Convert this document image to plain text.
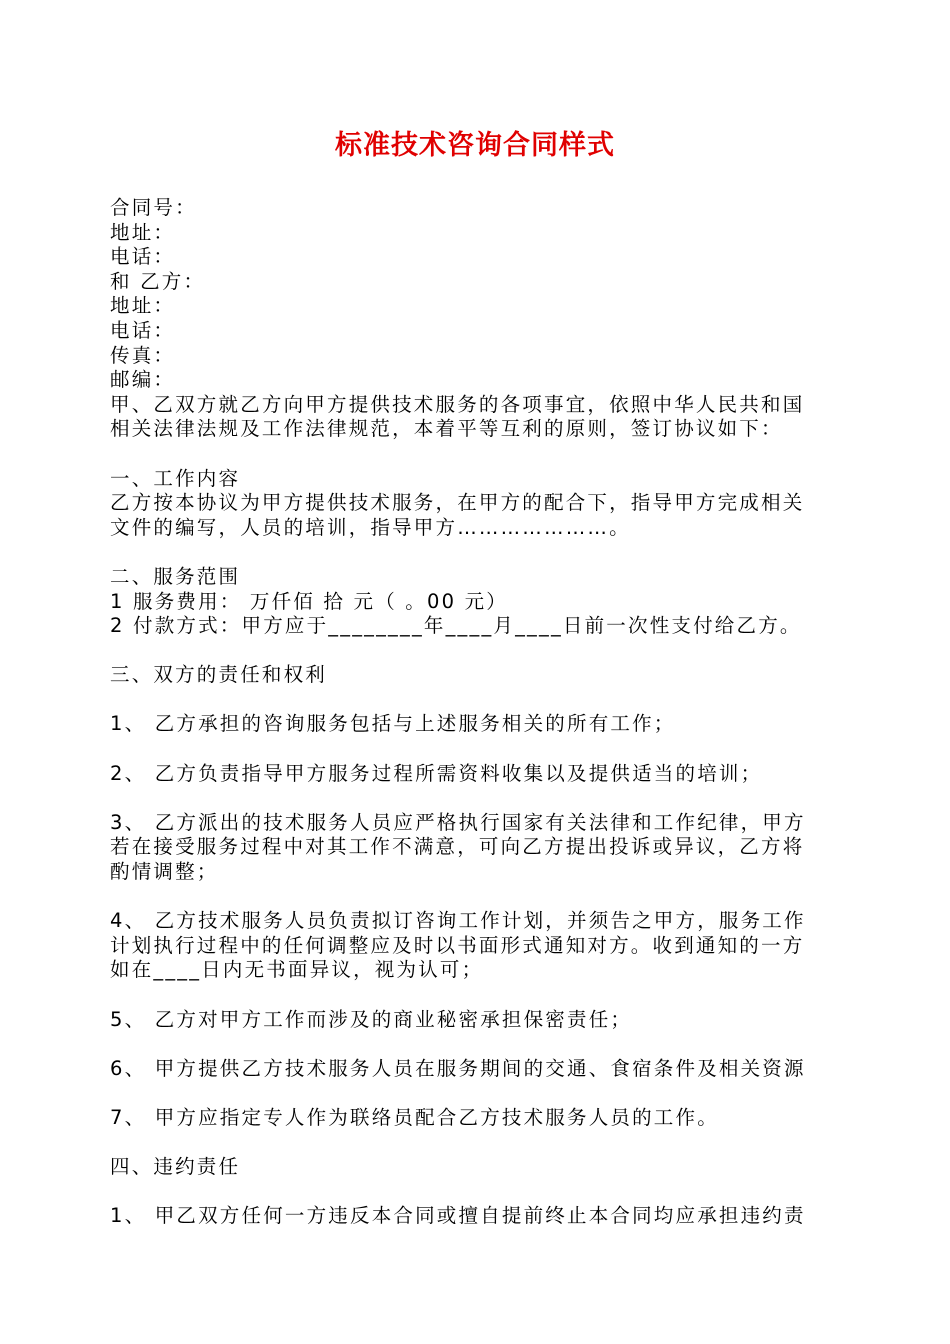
标准技术咨询合同样式

合同号：

地址：

电话：

和 乙方：

地址：

电话：

传真：

邮编：

甲、乙双方就乙方向甲方提供技术服务的各项事宜，依照中华人民共和国

相关法律法规及工作法律规范，本着平等互利的原则，签订协议如下：

一、工作内容

乙方按本协议为甲方提供技术服务，在甲方的配合下，指导甲方完成相关

文件的编写，人员的培训，指导甲方…………………。

二、服务范围

1 服务费用： 万仟佰 拾 元（ 。00 元）

2 付款方式：甲方应于________年____月____日前一次性支付给乙方。

三、双方的责任和权利

1、 乙方承担的咨询服务包括与上述服务相关的所有工作；

2、 乙方负责指导甲方服务过程所需资料收集以及提供适当的培训；

3、 乙方派出的技术服务人员应严格执行国家有关法律和工作纪律，甲方

若在接受服务过程中对其工作不满意，可向乙方提出投诉或异议，乙方将

酌情调整；

4、 乙方技术服务人员负责拟订咨询工作计划，并须告之甲方，服务工作

计划执行过程中的任何调整应及时以书面形式通知对方。收到通知的一方

如在____日内无书面异议，视为认可；

5、 乙方对甲方工作而涉及的商业秘密承担保密责任；

6、 甲方提供乙方技术服务人员在服务期间的交通、食宿条件及相关资源

7、 甲方应指定专人作为联络员配合乙方技术服务人员的工作。

四、违约责任

1、 甲乙双方任何一方违反本合同或擅自提前终止本合同均应承担违约责
